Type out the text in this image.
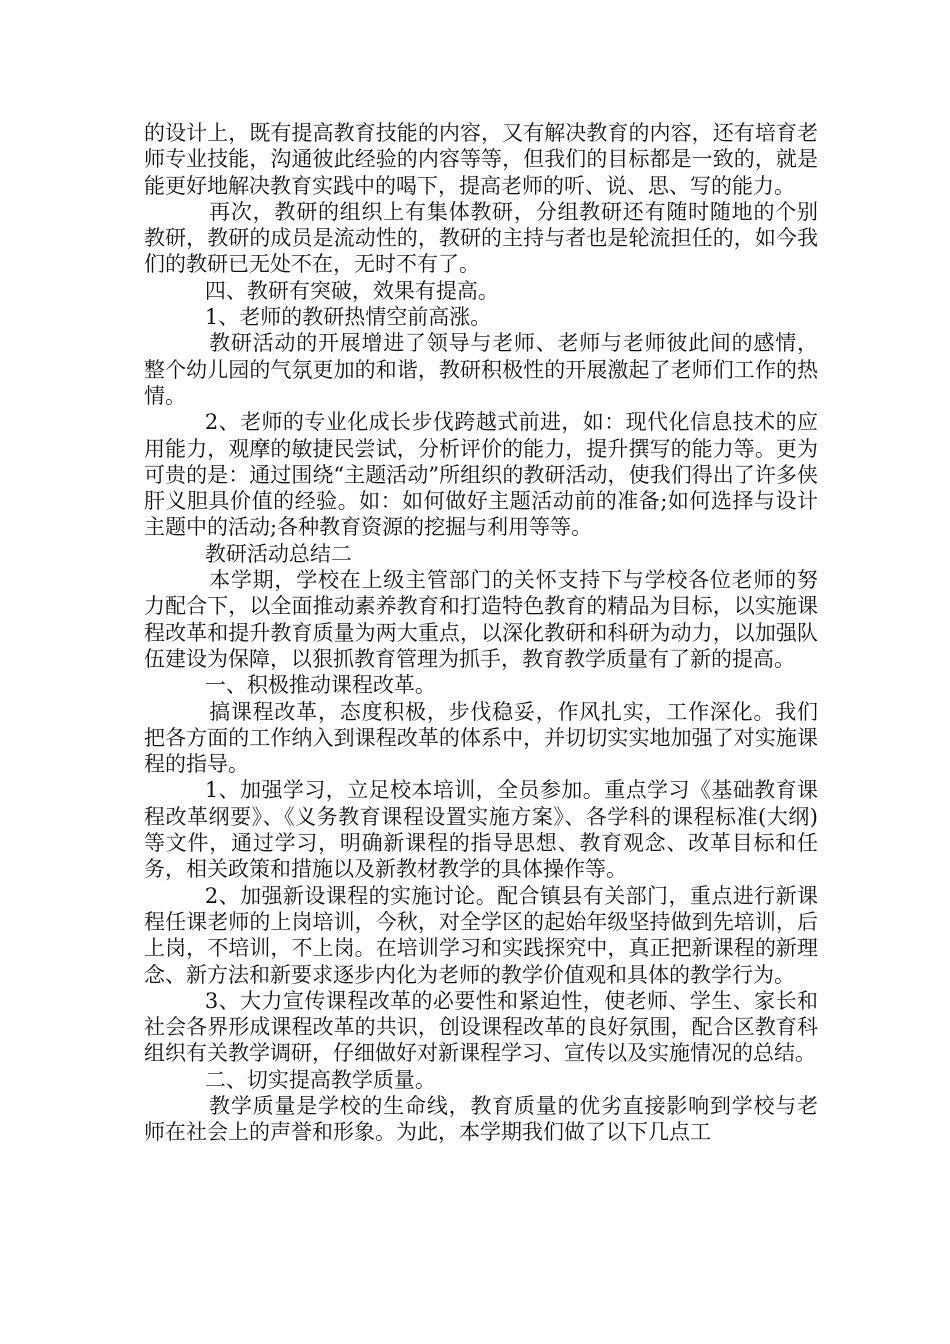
的设计上，既有提高教育技能的内容，又有解决教育的内容，还有培育老师专业技能，沟通彼此经验的内容等等，但我们的目标都是一致的，就是能更好地解决教育实践中的喝下，提高老师的听、说、思、写的能力。

再次，教研的组织上有集体教研，分组教研还有随时随地的个别教研，教研的成员是流动性的，教研的主持与者也是轮流担任的，如今我们的教研已无处不在，无时不有了。

四、教研有突破，效果有提高。

1、老师的教研热情空前高涨。

教研活动的开展增进了领导与老师、老师与老师彼此间的感情，整个幼儿园的气氛更加的和谐，教研积极性的开展激起了老师们工作的热情。

2、老师的专业化成长步伐跨越式前进，如：现代化信息技术的应用能力，观摩的敏捷民尝试，分析评价的能力，提升撰写的能力等。更为可贵的是：通过围绕“主题活动”所组织的教研活动，使我们得出了许多侠肝义胆具价值的经验。如：如何做好主题活动前的准备;如何选择与设计主题中的活动;各种教育资源的挖掘与利用等等。

教研活动总结二

本学期，学校在上级主管部门的关怀支持下与学校各位老师的努力配合下，以全面推动素养教育和打造特色教育的精品为目标，以实施课程改革和提升教育质量为两大重点，以深化教研和科研为动力，以加强队伍建设为保障，以狠抓教育管理为抓手，教育教学质量有了新的提高。

一、积极推动课程改革。

搞课程改革，态度积极，步伐稳妥，作风扎实，工作深化。我们把各方面的工作纳入到课程改革的体系中，并切切实实地加强了对实施课程的指导。

1、加强学习，立足校本培训，全员参加。重点学习《基础教育课程改革纲要》、《义务教育课程设置实施方案》、各学科的课程标准(大纲)等文件，通过学习，明确新课程的指导思想、教育观念、改革目标和任务，相关政策和措施以及新教材教学的具体操作等。

2、加强新设课程的实施讨论。配合镇县有关部门，重点进行新课程任课老师的上岗培训，今秋，对全学区的起始年级坚持做到先培训，后上岗，不培训，不上岗。在培训学习和实践探究中，真正把新课程的新理念、新方法和新要求逐步内化为老师的教学价值观和具体的教学行为。

3、大力宣传课程改革的必要性和紧迫性，使老师、学生、家长和社会各界形成课程改革的共识，创设课程改革的良好氛围，配合区教育科组织有关教学调研，仔细做好对新课程学习、宣传以及实施情况的总结。

二、切实提高教学质量。

教学质量是学校的生命线，教育质量的优劣直接影响到学校与老师在社会上的声誉和形象。为此，本学期我们做了以下几点工
